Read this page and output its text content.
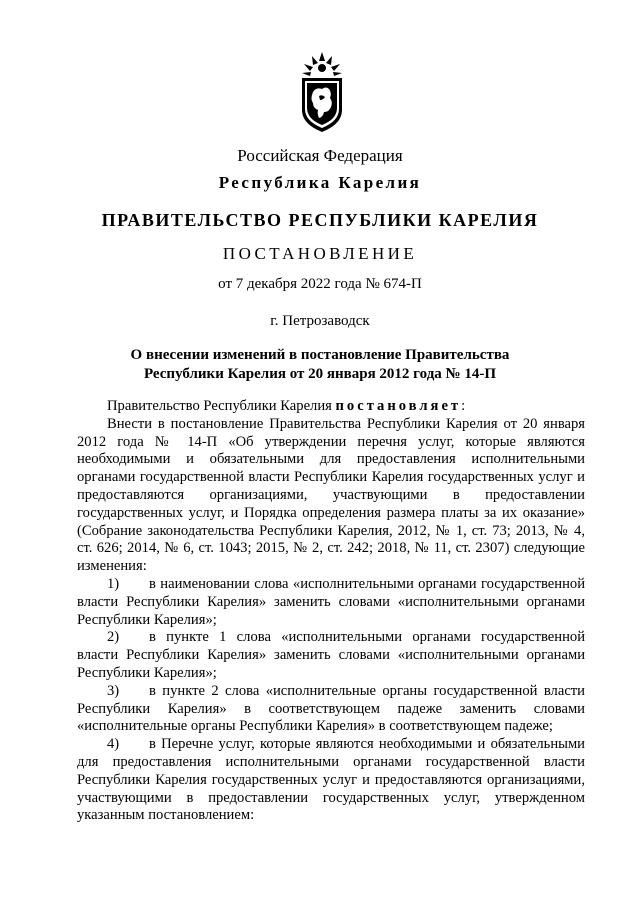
Российская Федерация
Республика Карелия
ПРАВИТЕЛЬСТВО РЕСПУБЛИКИ КАРЕЛИЯ
ПОСТАНОВЛЕНИЕ
от 7 декабря 2022 года № 674-П
г. Петрозаводск
О внесении изменений в постановление Правительства
Республики Карелия от 20 января 2012 года № 14-П

Правительство Республики Карелия постановляет:

Внести в постановление Правительства Республики Карелия от 20 января 2012 года № 14-П «Об утверждении перечня услуг, которые являются необходимыми и обязательными для предоставления исполнительными органами государственной власти Республики Карелия государственных услуг и предоставляются организациями, участвующими в предоставлении государственных услуг, и Порядка определения размера платы за их оказание» (Собрание законодательства Республики Карелия, 2012, № 1, ст. 73; 2013, № 4, ст. 626; 2014, № 6, ст. 1043; 2015, № 2, ст. 242; 2018, № 11, ст. 2307) следующие изменения:

1) в наименовании слова «исполнительными органами государственной власти Республики Карелия» заменить словами «исполнительными органами Республики Карелия»;
2) в пункте 1 слова «исполнительными органами государственной власти Республики Карелия» заменить словами «исполнительными органами Республики Карелия»;
3) в пункте 2 слова «исполнительные органы государственной власти Республики Карелия» в соответствующем падеже заменить словами «исполнительные органы Республики Карелия» в соответствующем падеже;
4) в Перечне услуг, которые являются необходимыми и обязательными для предоставления исполнительными органами государственной власти Республики Карелия государственных услуг и предоставляются организациями, участвующими в предоставлении государственных услуг, утвержденном указанным постановлением:
